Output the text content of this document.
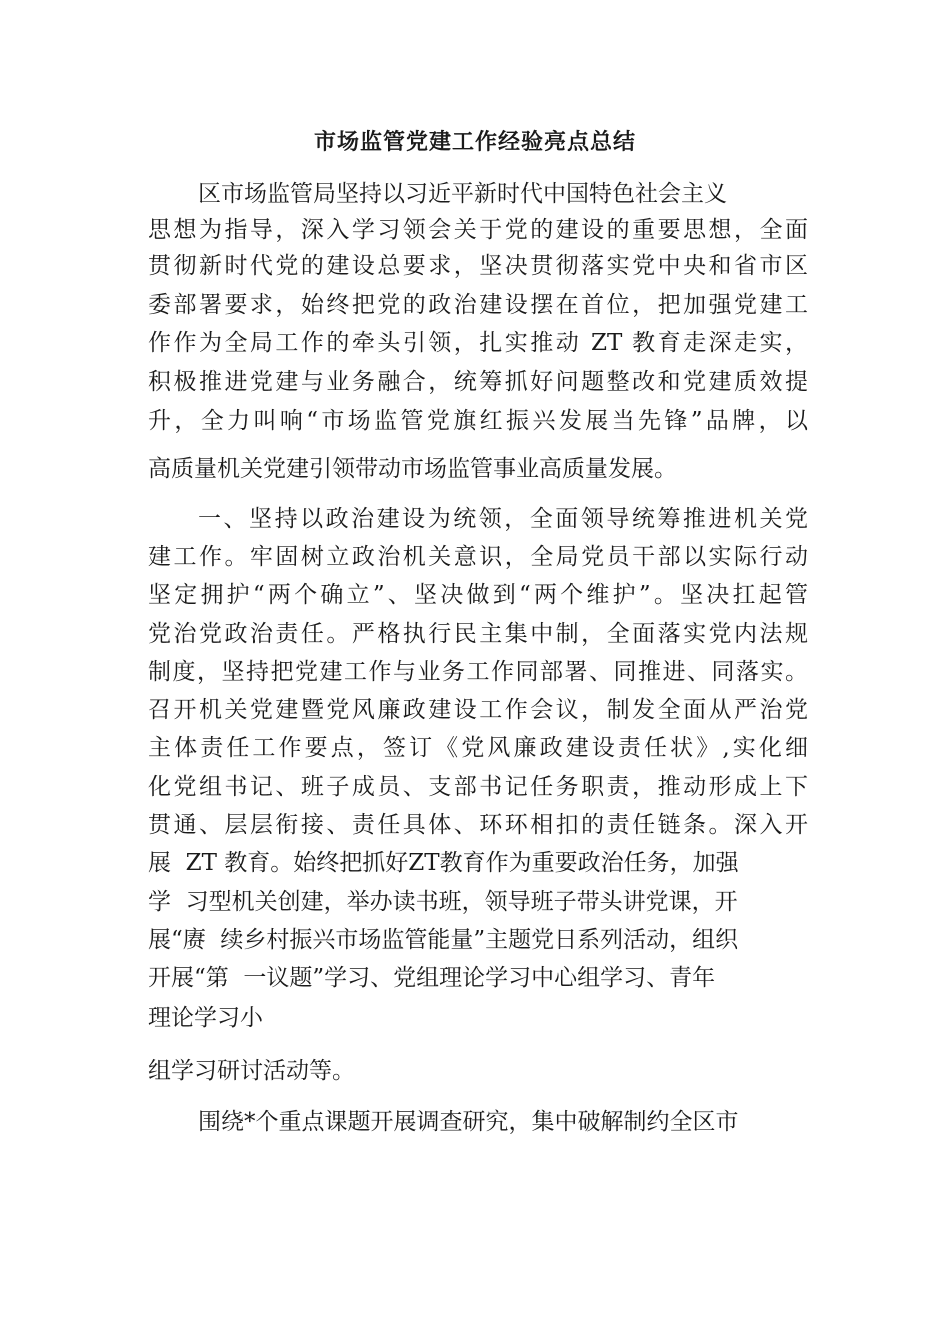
市场监管党建工作经验亮点总结

区市场监管局坚持以习近平新时代中国特色社会主义

思想为指导，深入学习领会关于党的建设的重要思想，全面

贯彻新时代党的建设总要求，坚决贯彻落实党中央和省市区

委部署要求，始终把党的政治建设摆在首位，把加强党建工

作作为全局工作的牵头引领，扎实推动 ZT 教育走深走实，

积极推进党建与业务融合，统筹抓好问题整改和党建质效提

升，全力叫响“市场监管党旗红振兴发展当先锋”品牌，以

高质量机关党建引领带动市场监管事业高质量发展。

一、坚持以政治建设为统领，全面领导统筹推进机关党

建工作。牢固树立政治机关意识，全局党员干部以实际行动

坚定拥护“两个确立”、坚决做到“两个维护”。坚决扛起管

党治党政治责任。严格执行民主集中制，全面落实党内法规

制度，坚持把党建工作与业务工作同部署、同推进、同落实。

召开机关党建暨党风廉政建设工作会议，制发全面从严治党

主体责任工作要点，签订《党风廉政建设责任状》,实化细

化党组书记、班子成员、支部书记任务职责，推动形成上下

贯通、层层衔接、责任具体、环环相扣的责任链条。深入开

展  ZT 教育。始终把抓好ZT教育作为重要政治任务，加强

学  习型机关创建，举办读书班，领导班子带头讲党课，开

展“赓  续乡村振兴市场监管能量”主题党日系列活动，组织

开展“第  一议题”学习、党组理论学习中心组学习、青年

理论学习小

组学习研讨活动等。

围绕*个重点课题开展调查研究，集中破解制约全区市
